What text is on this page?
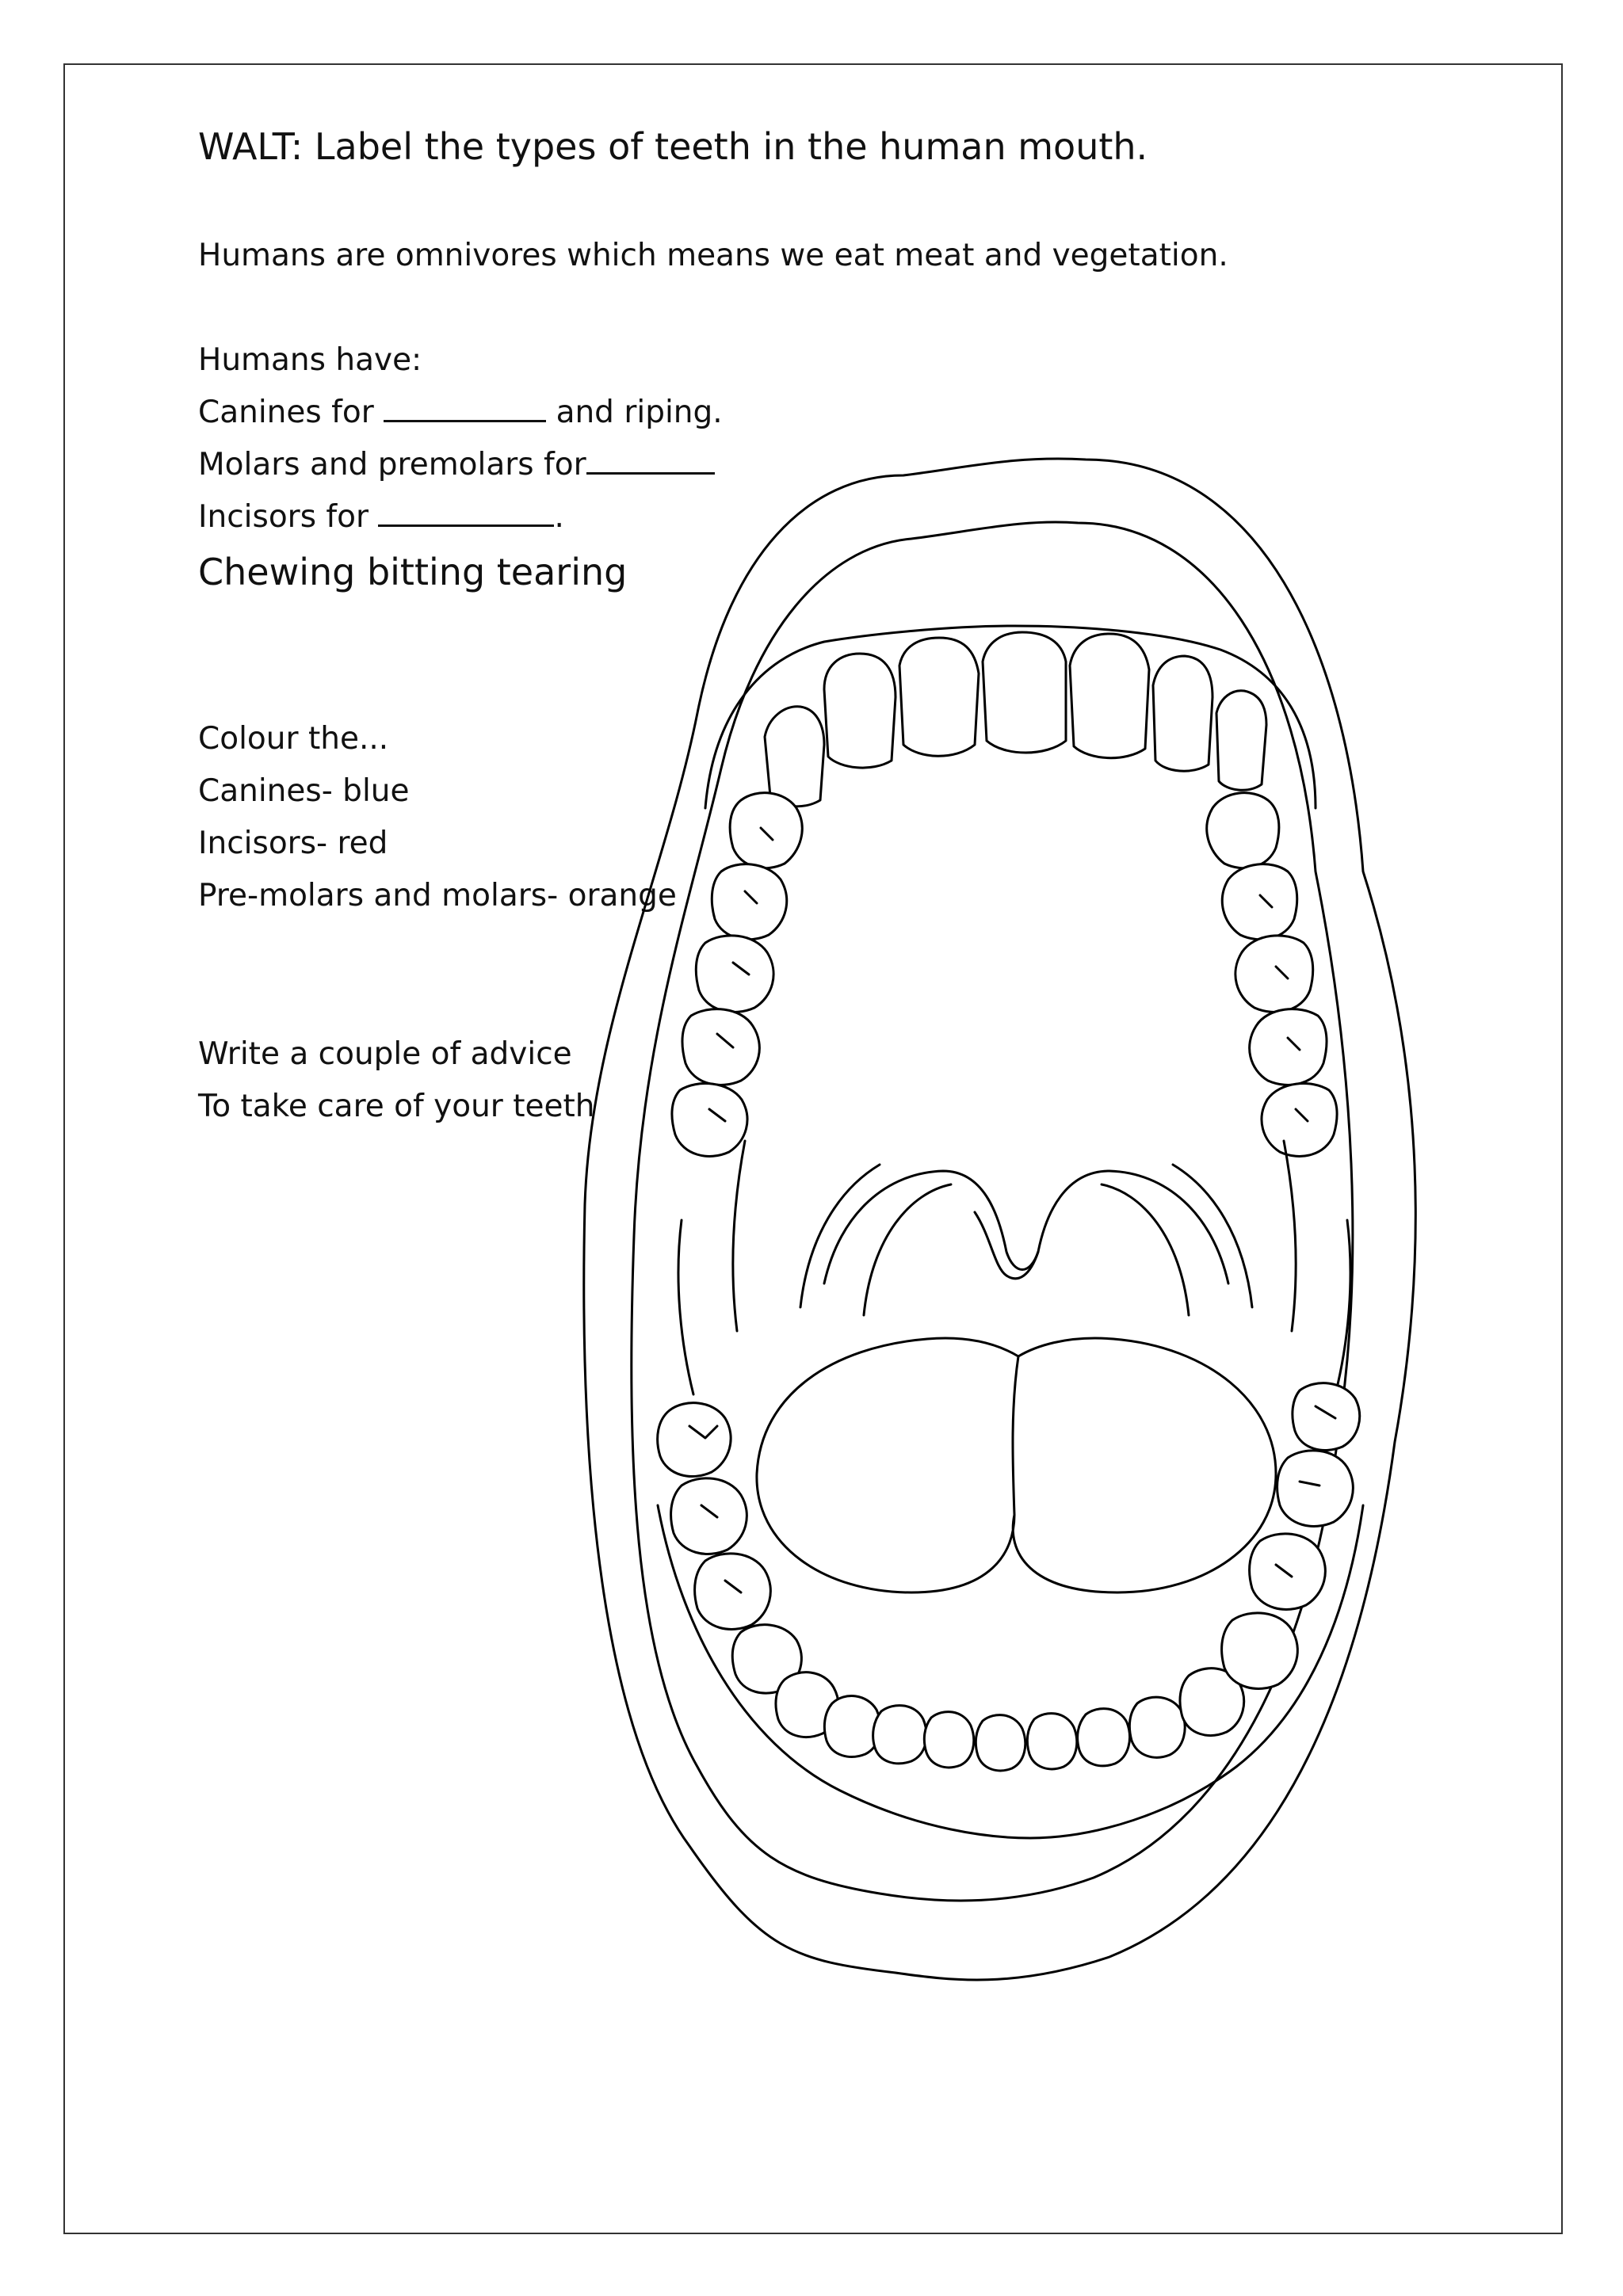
WALT: Label the types of teeth in the human mouth.

Humans are omnivores which means we eat meat and vegetation.

Humans have:

Canines for	and riping.

Molars and premolars for

Incisors for	.

Chewing bitting tearing

Colour the...

Canines- blue

Incisors- red

Pre-molars and molars- orange

Write a couple of advice

To take care of your teeth
